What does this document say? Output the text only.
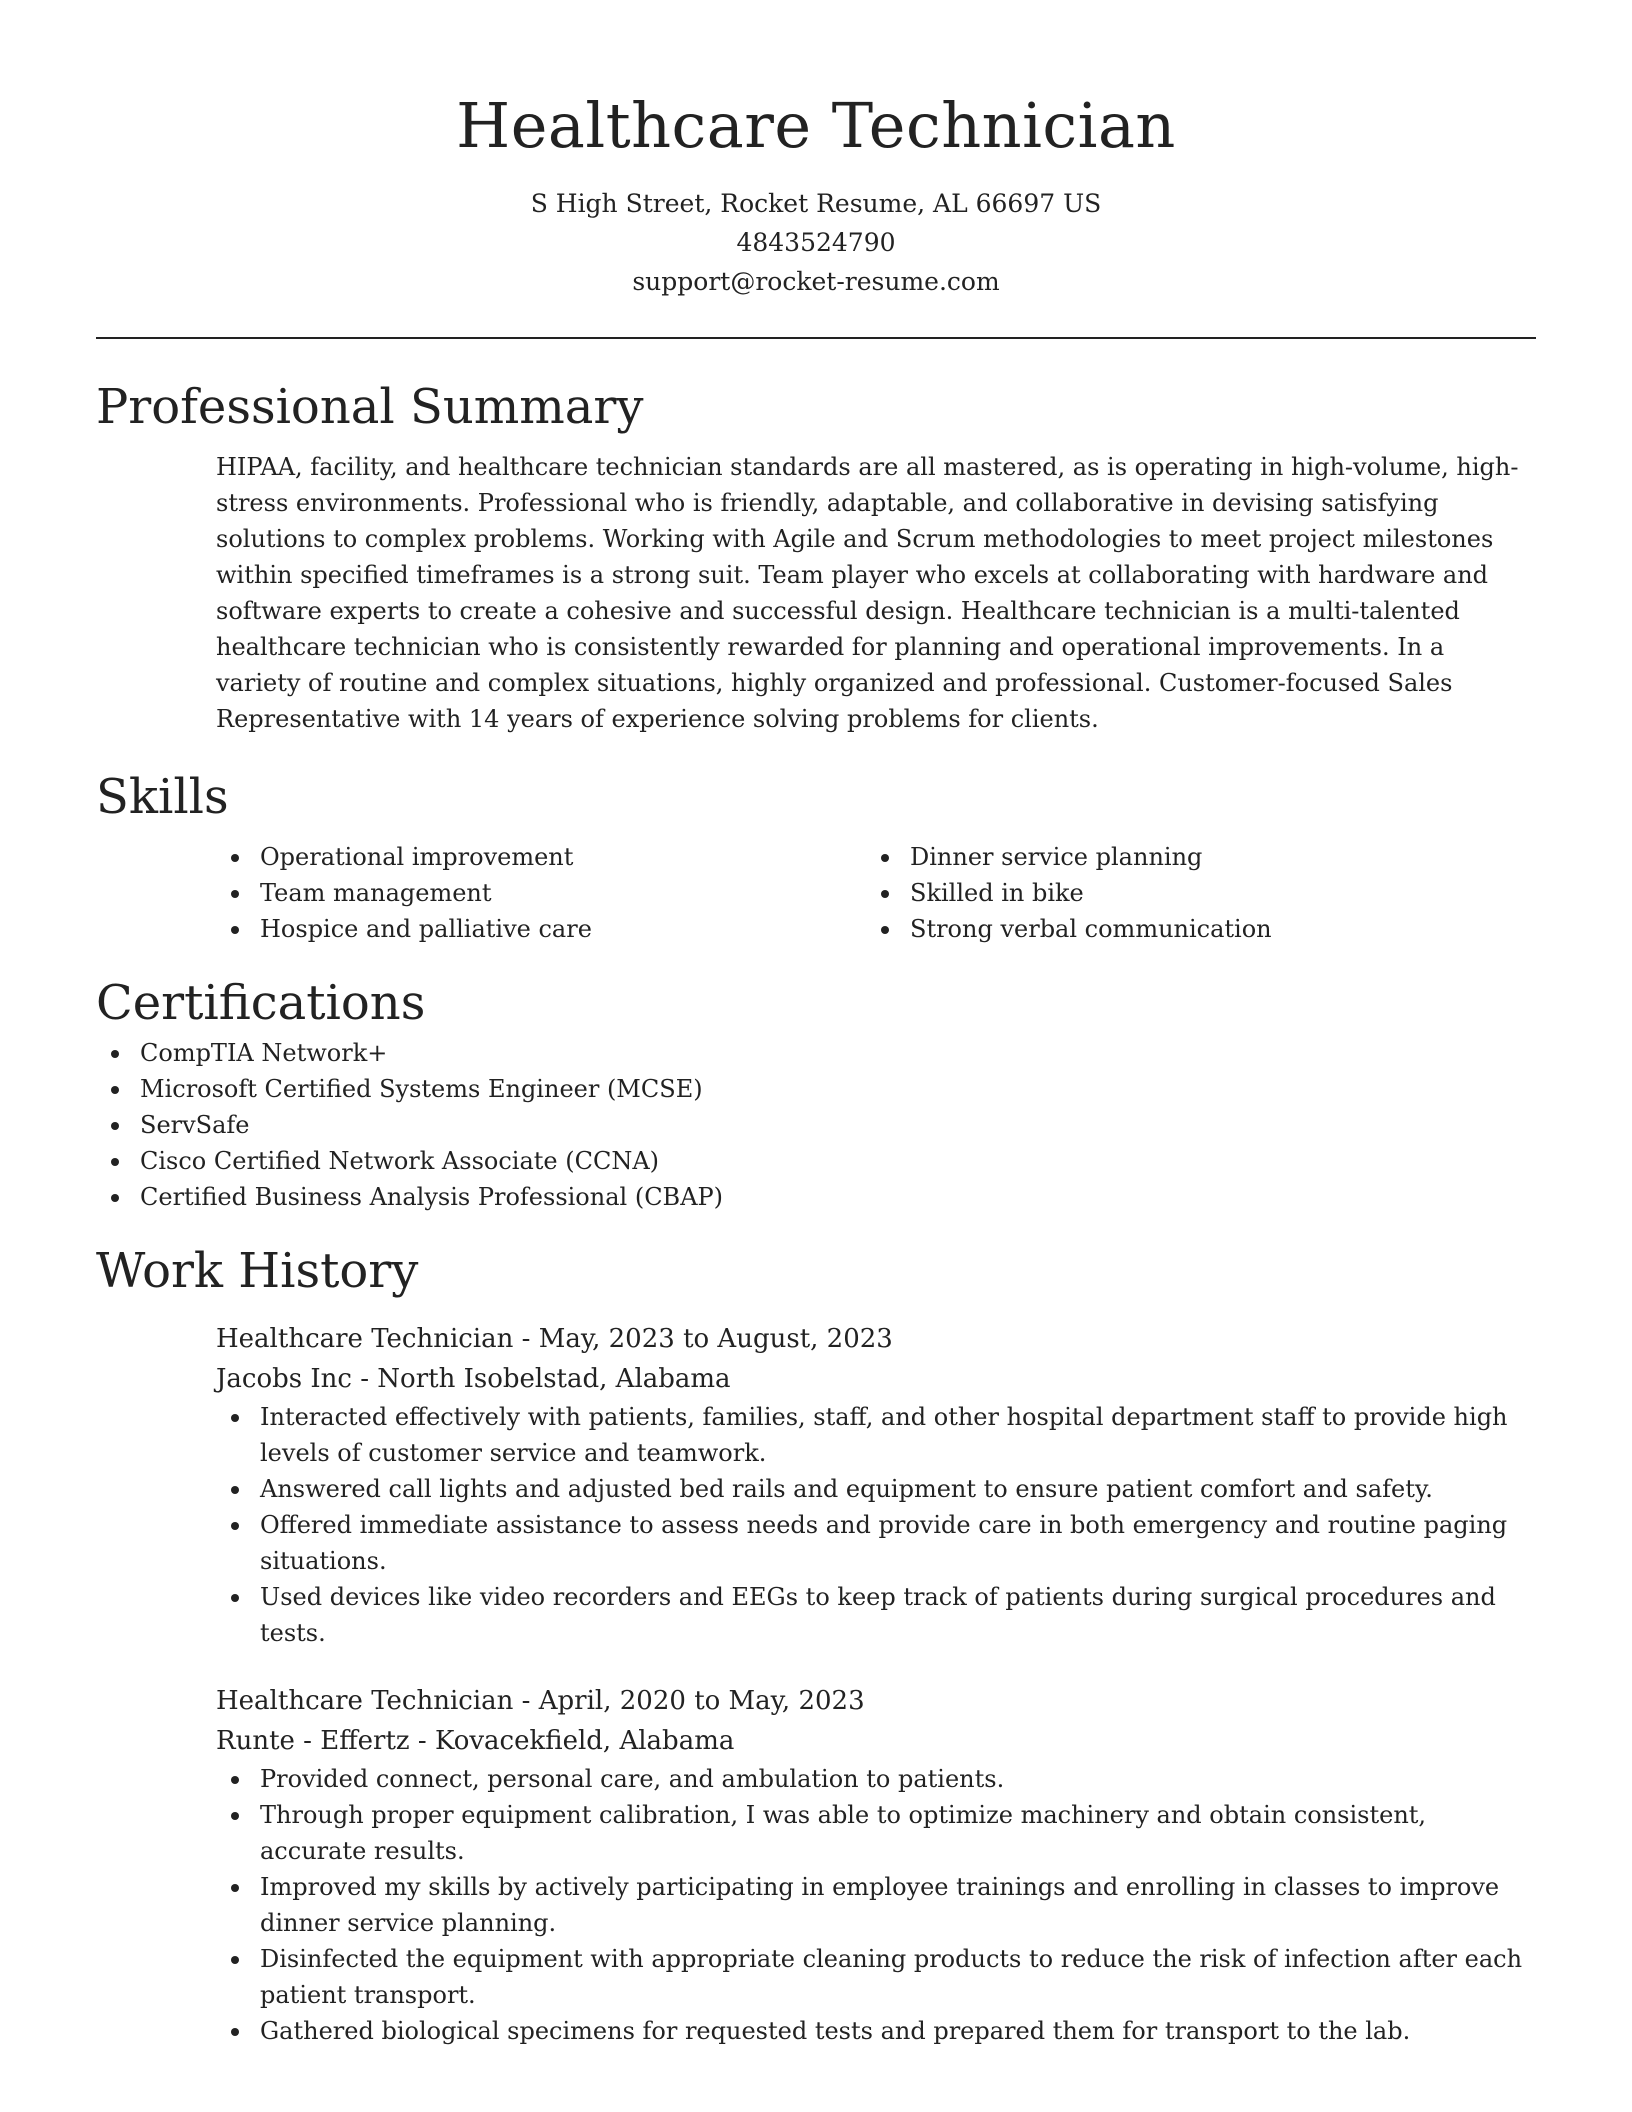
Healthcare Technician
S High Street, Rocket Resume, AL 66697 US
4843524790
support@rocket-resume.com
Professional Summary

HIPAA, facility, and healthcare technician standards are all mastered, as is operating in high-volume, high-stress environments. Professional who is friendly, adaptable, and collaborative in devising satisfying solutions to complex problems. Working with Agile and Scrum methodologies to meet project milestones within specified timeframes is a strong suit. Team player who excels at collaborating with hardware and software experts to create a cohesive and successful design. Healthcare technician is a multi-talented healthcare technician who is consistently rewarded for planning and operational improvements. In a variety of routine and complex situations, highly organized and professional. Customer-focused Sales Representative with 14 years of experience solving problems for clients.

Skills
Operational improvement
Team management
Hospice and palliative care
Dinner service planning
Skilled in bike
Strong verbal communication
Certifications
CompTIA Network+
Microsoft Certified Systems Engineer (MCSE)
ServSafe
Cisco Certified Network Associate (CCNA)
Certified Business Analysis Professional (CBAP)
Work History
Healthcare Technician - May, 2023 to August, 2023
Jacobs Inc - North Isobelstad, Alabama
Interacted effectively with patients, families, staff, and other hospital department staff to provide high levels of customer service and teamwork.
Answered call lights and adjusted bed rails and equipment to ensure patient comfort and safety.
Offered immediate assistance to assess needs and provide care in both emergency and routine paging situations.
Used devices like video recorders and EEGs to keep track of patients during surgical procedures and tests.
Healthcare Technician - April, 2020 to May, 2023
Runte - Effertz - Kovacekfield, Alabama
Provided connect, personal care, and ambulation to patients.
Through proper equipment calibration, I was able to optimize machinery and obtain consistent, accurate results.
Improved my skills by actively participating in employee trainings and enrolling in classes to improve dinner service planning.
Disinfected the equipment with appropriate cleaning products to reduce the risk of infection after each patient transport.
Gathered biological specimens for requested tests and prepared them for transport to the lab.
